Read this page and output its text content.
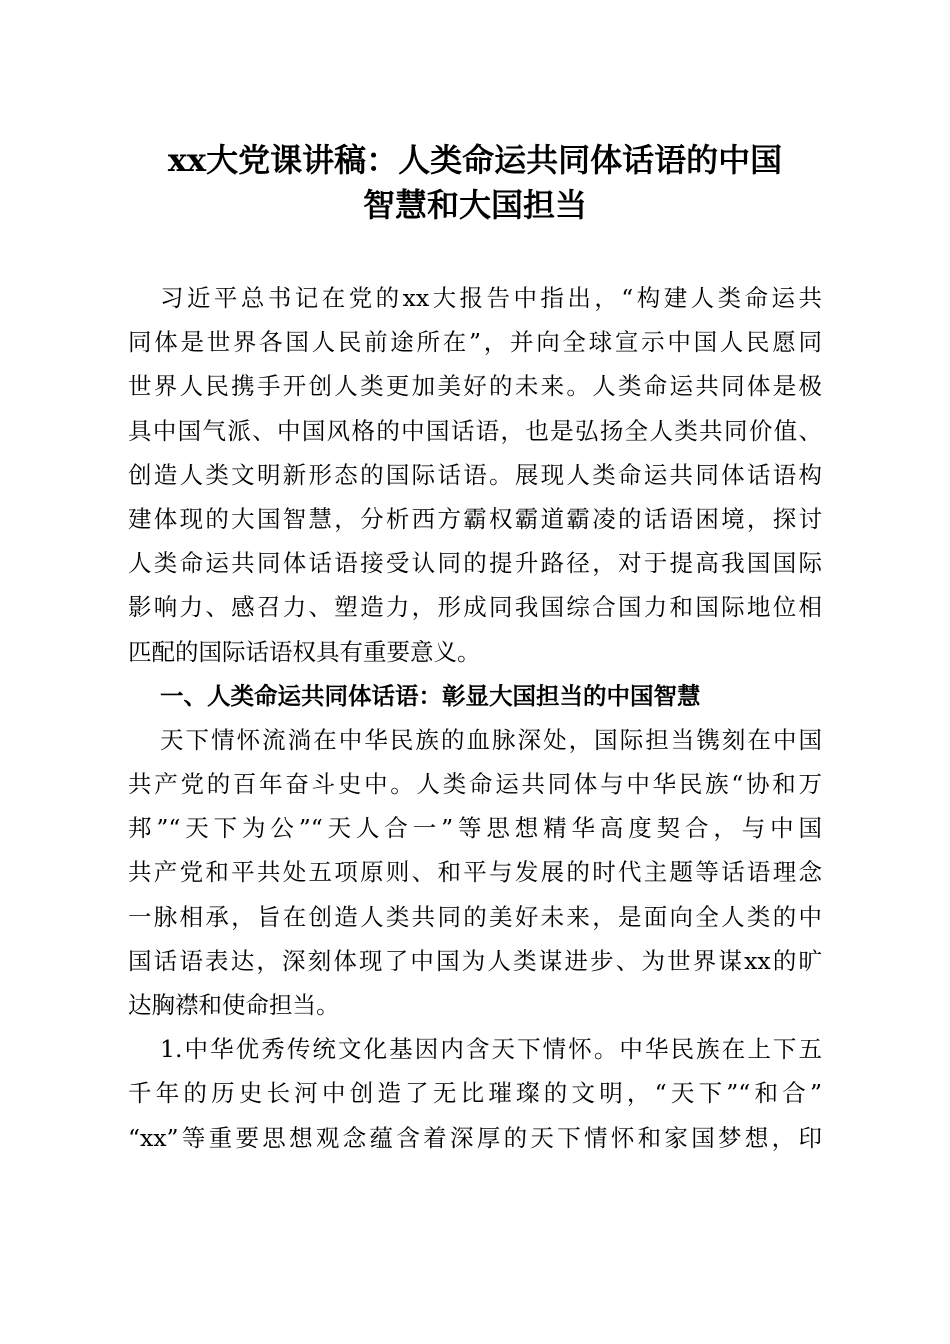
xx大党课讲稿：人类命运共同体话语的中国
智慧和大国担当
习近平总书记在党的xx大报告中指出，“构建人类命运共
同体是世界各国人民前途所在”，并向全球宣示中国人民愿同
世界人民携手开创人类更加美好的未来。人类命运共同体是极
具中国气派、中国风格的中国话语，也是弘扬全人类共同价值、
创造人类文明新形态的国际话语。展现人类命运共同体话语构
建体现的大国智慧，分析西方霸权霸道霸凌的话语困境，探讨
人类命运共同体话语接受认同的提升路径，对于提高我国国际
影响力、感召力、塑造力，形成同我国综合国力和国际地位相
匹配的国际话语权具有重要意义。
一、人类命运共同体话语：彰显大国担当的中国智慧
天下情怀流淌在中华民族的血脉深处，国际担当镌刻在中国
共产党的百年奋斗史中。人类命运共同体与中华民族“协和万
邦”“天下为公”“天人合一”等思想精华高度契合，与中国
共产党和平共处五项原则、和平与发展的时代主题等话语理念
一脉相承，旨在创造人类共同的美好未来，是面向全人类的中
国话语表达，深刻体现了中国为人类谋进步、为世界谋xx的旷
达胸襟和使命担当。
1.中华优秀传统文化基因内含天下情怀。中华民族在上下五
千年的历史长河中创造了无比璀璨的文明，“天下”“和合”
“xx”等重要思想观念蕴含着深厚的天下情怀和家国梦想，印
